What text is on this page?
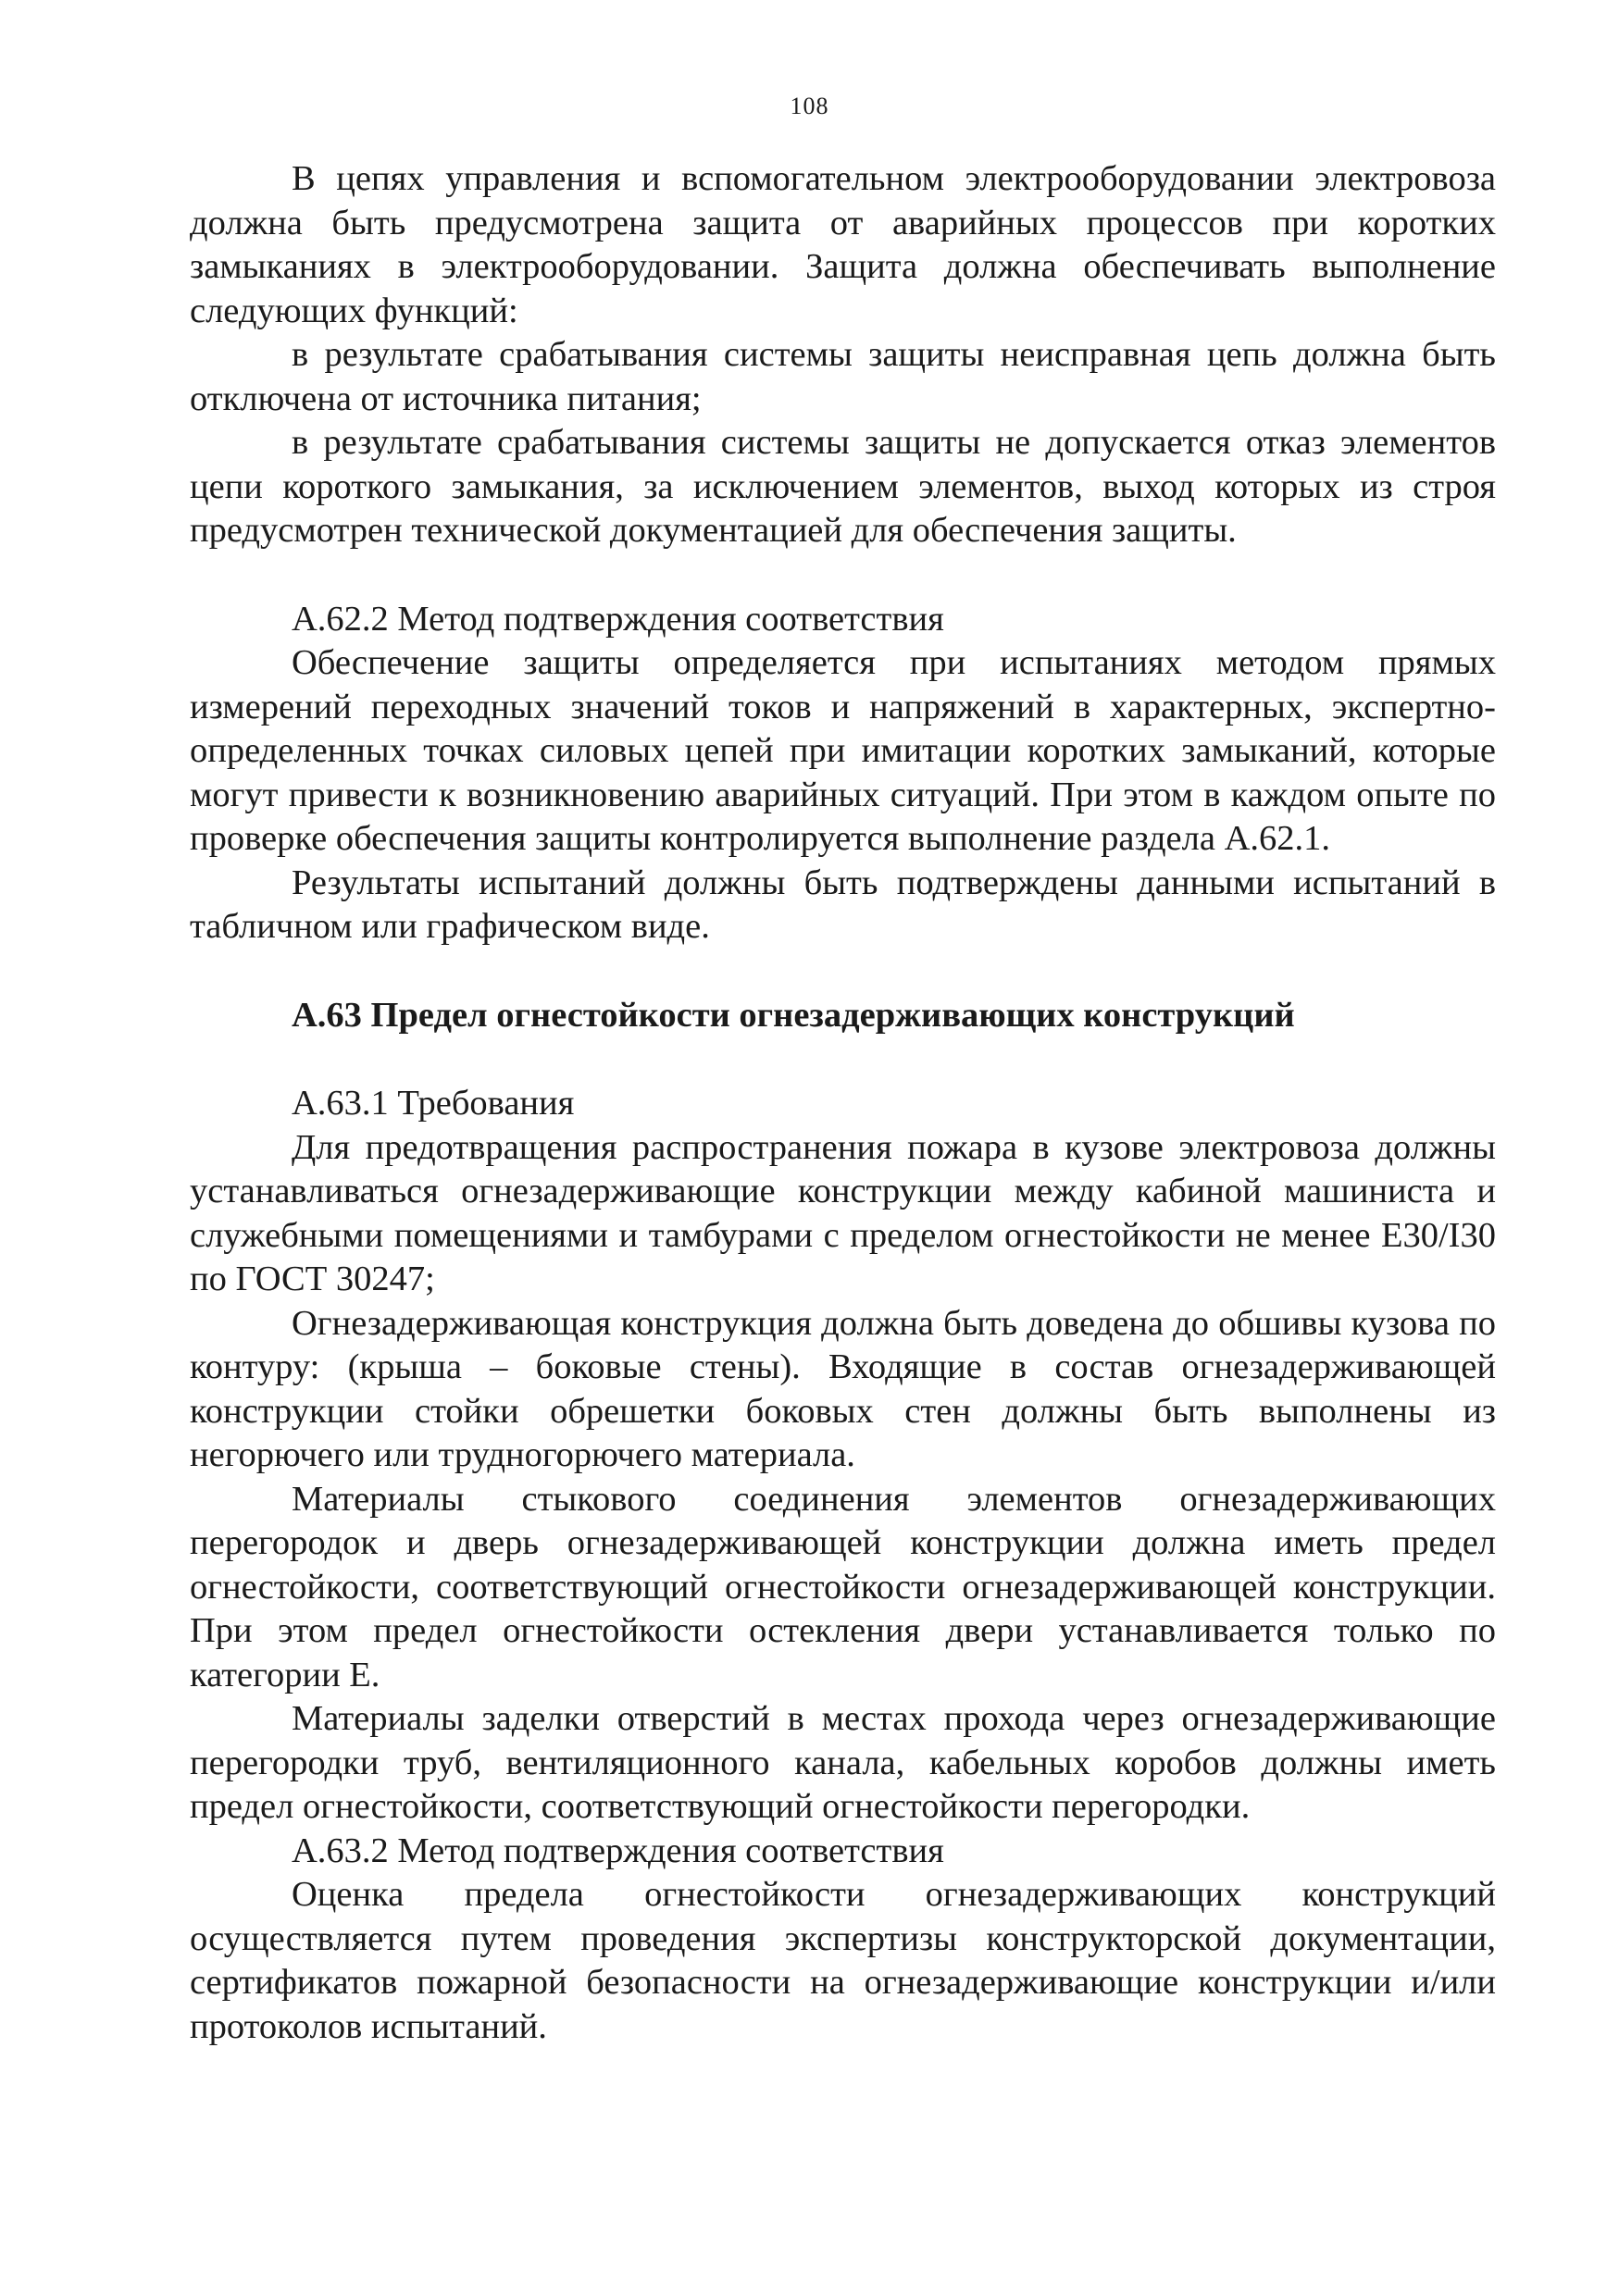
108

В цепях управления и вспомогательном электрооборудовании электровоза должна быть предусмотрена защита от аварийных процессов при коротких замыканиях в электрооборудовании. Защита должна обеспечивать выполнение следующих функций:

в результате срабатывания системы защиты неисправная цепь должна быть отключена от источника питания;

в результате срабатывания системы защиты не допускается отказ элементов цепи короткого замыкания, за исключением элементов, выход которых из строя предусмотрен технической документацией для обеспечения защиты.

А.62.2 Метод подтверждения соответствия

Обеспечение защиты определяется при испытаниях методом прямых измерений переходных значений токов и напряжений в характерных, экспертно-определенных точках силовых цепей при имитации коротких замыканий, которые могут привести к возникновению аварийных ситуаций. При этом в каждом опыте по проверке обеспечения защиты контролируется выполнение раздела А.62.1.

Результаты испытаний должны быть подтверждены данными испытаний в табличном или графическом виде.

А.63 Предел огнестойкости огнезадерживающих конструкций

А.63.1 Требования

Для предотвращения распространения пожара в кузове электровоза должны устанавливаться огнезадерживающие конструкции между кабиной машиниста и служебными помещениями и тамбурами с пределом огнестойкости не менее Е30/І30 по ГОСТ 30247;

Огнезадерживающая конструкция должна быть доведена до обшивы кузова по контуру: (крыша – боковые стены). Входящие в состав огнезадерживающей конструкции стойки обрешетки боковых стен должны быть выполнены из негорючего или трудногорючего материала.

Материалы стыкового соединения элементов огнезадерживающих перегородок и дверь огнезадерживающей конструкции должна иметь предел огнестойкости, соответствующий огнестойкости огнезадерживающей конструкции. При этом предел огнестойкости остекления двери устанавливается только по категории Е.

Материалы заделки отверстий в местах прохода через огнезадерживающие перегородки труб, вентиляционного канала, кабельных коробов должны иметь предел огнестойкости, соответствующий огнестойкости перегородки.

А.63.2 Метод подтверждения соответствия

Оценка предела огнестойкости огнезадерживающих конструкций осуществляется путем проведения экспертизы конструкторской документации, сертификатов пожарной безопасности на огнезадерживающие конструкции и/или протоколов испытаний.
